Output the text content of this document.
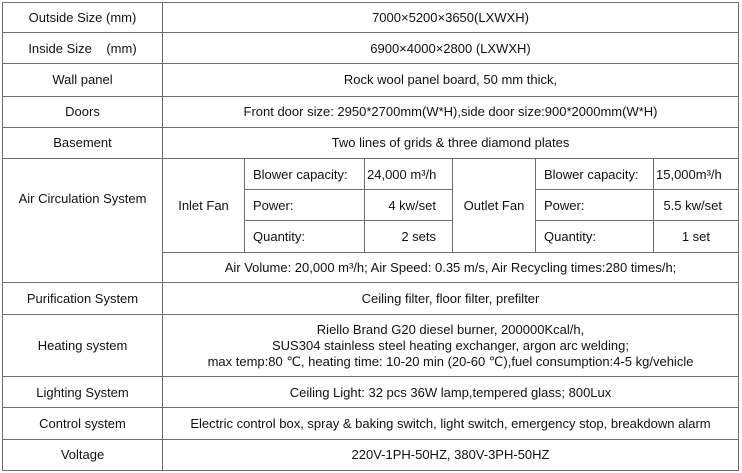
Outside Size (mm)	7000×5200×3650(LXWXH)					
Inside Size    (mm)	6900×4000×2800 (LXWXH)					
Wall panel	Rock wool panel board, 50 mm thick,					
Doors	Front door size: 2950*2700mm(W*H),side door size:900*2000mm(W*H)					
Basement	Two lines of grids & three diamond plates					
Air Circulation System	Inlet Fan	Blower capacity:	24,000 m³/h	Outlet Fan	Blower capacity:	15,000m³/h
		Power:	4 kw/set		Power:	5.5 kw/set
		Quantity:	2 sets		Quantity:	1 set
	Air Volume: 20,000 m³/h; Air Speed: 0.35 m/s, Air Recycling times:280 times/h;					
Purification System	Ceiling filter, floor filter, prefilter					
Heating system	Riello Brand G20 diesel burner, 200000Kcal/h,
SUS304 stainless steel heating exchanger, argon arc welding;
max temp:80 ℃, heating time: 10-20 min (20-60 ℃),fuel consumption:4-5 kg/vehicle					

Lighting System	Ceiling Light: 32 pcs 36W lamp,tempered glass; 800Lux					
Control system	Electric control box, spray & baking switch, light switch, emergency stop, breakdown alarm					
Voltage	220V-1PH-50HZ, 380V-3PH-50HZ					
